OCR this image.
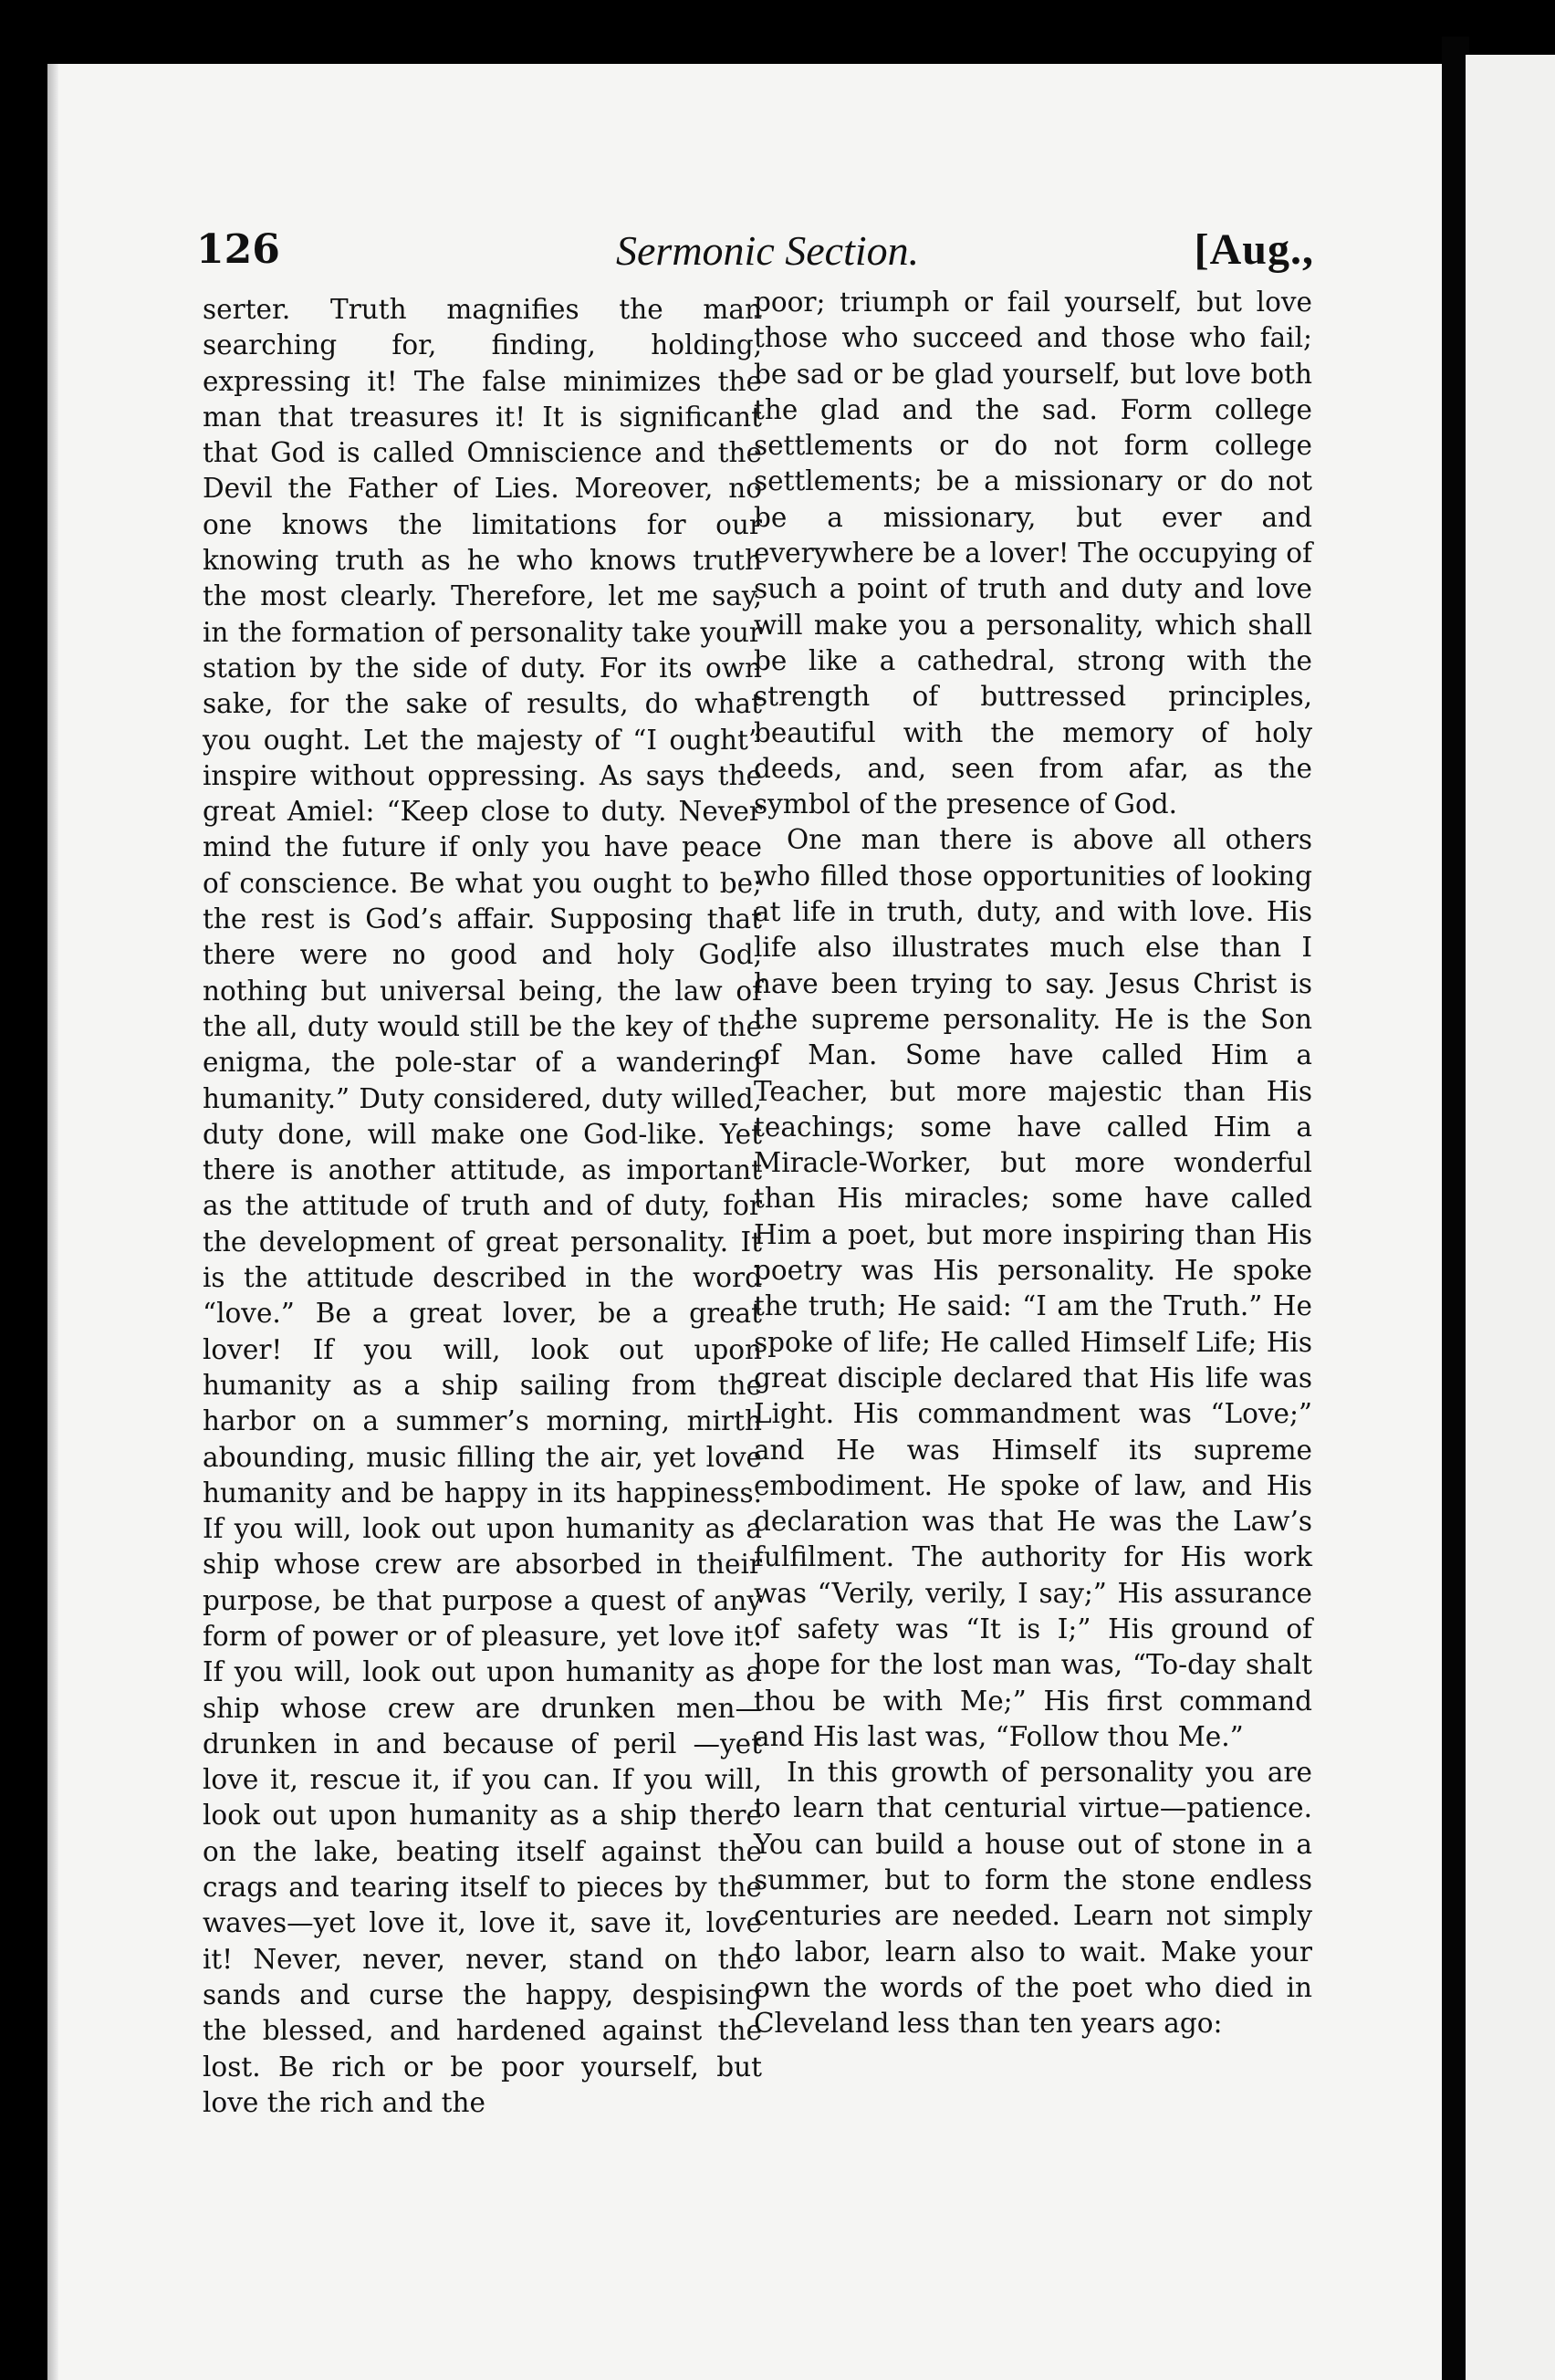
126	Sermonic Section.	[Aug.,

serter. Truth magnifies the man searching for, finding, holding, expressing it! The false minimizes the man that treasures it! It is significant that God is called Omniscience and the Devil the Father of Lies. Moreover, no one knows the limitations for our knowing truth as he who knows truth the most clearly. Therefore, let me say, in the formation of personality take your station by the side of duty. For its own sake, for the sake of results, do what you ought. Let the majesty of “I ought” inspire without oppressing. As says the great Amiel: “Keep close to duty. Never mind the future if only you have peace of conscience. Be what you ought to be; the rest is God’s affair. Supposing that there were no good and holy God, nothing but universal being, the law of the all, duty would still be the key of the enigma, the pole-star of a wandering humanity.” Duty considered, duty willed, duty done, will make one God-like. Yet there is another attitude, as important as the attitude of truth and of duty, for the development of great personality. It is the attitude described in the word “love.” Be a great lover, be a great lover! If you will, look out upon humanity as a ship sailing from the harbor on a summer’s morning, mirth abounding, music filling the air, yet love humanity and be happy in its happiness. If you will, look out upon humanity as a ship whose crew are absorbed in their purpose, be that purpose a quest of any form of power or of pleasure, yet love it. If you will, look out upon humanity as a ship whose crew are drunken men—drunken in and because of peril —yet love it, rescue it, if you can. If you will, look out upon humanity as a ship there on the lake, beating itself against the crags and tearing itself to pieces by the waves—yet love it, love it, save it, love it! Never, never, never, stand on the sands and curse the happy, despising the blessed, and hardened against the lost. Be rich or be poor yourself, but love the rich and the

poor; triumph or fail yourself, but love those who succeed and those who fail; be sad or be glad yourself, but love both the glad and the sad. Form college settlements or do not form college settlements; be a missionary or do not be a missionary, but ever and everywhere be a lover! The occupying of such a point of truth and duty and love will make you a personality, which shall be like a cathedral, strong with the strength of buttressed principles, beautiful with the memory of holy deeds, and, seen from afar, as the symbol of the presence of God.

One man there is above all others who filled those opportunities of looking at life in truth, duty, and with love. His life also illustrates much else than I have been trying to say. Jesus Christ is the supreme personality. He is the Son of Man. Some have called Him a Teacher, but more majestic than His teachings; some have called Him a Miracle-Worker, but more wonderful than His miracles; some have called Him a poet, but more inspiring than His poetry was His personality. He spoke the truth; He said: “I am the Truth.” He spoke of life; He called Himself Life; His great disciple declared that His life was Light. His commandment was “Love;” and He was Himself its supreme embodiment. He spoke of law, and His declaration was that He was the Law’s fulfilment. The authority for His work was “Verily, verily, I say;” His assurance of safety was “It is I;” His ground of hope for the lost man was, “To-day shalt thou be with Me;” His first command and His last was, “Follow thou Me.”

In this growth of personality you are to learn that centurial virtue—patience. You can build a house out of stone in a summer, but to form the stone endless centuries are needed. Learn not simply to labor, learn also to wait. Make your own the words of the poet who died in Cleveland less than ten years ago:
